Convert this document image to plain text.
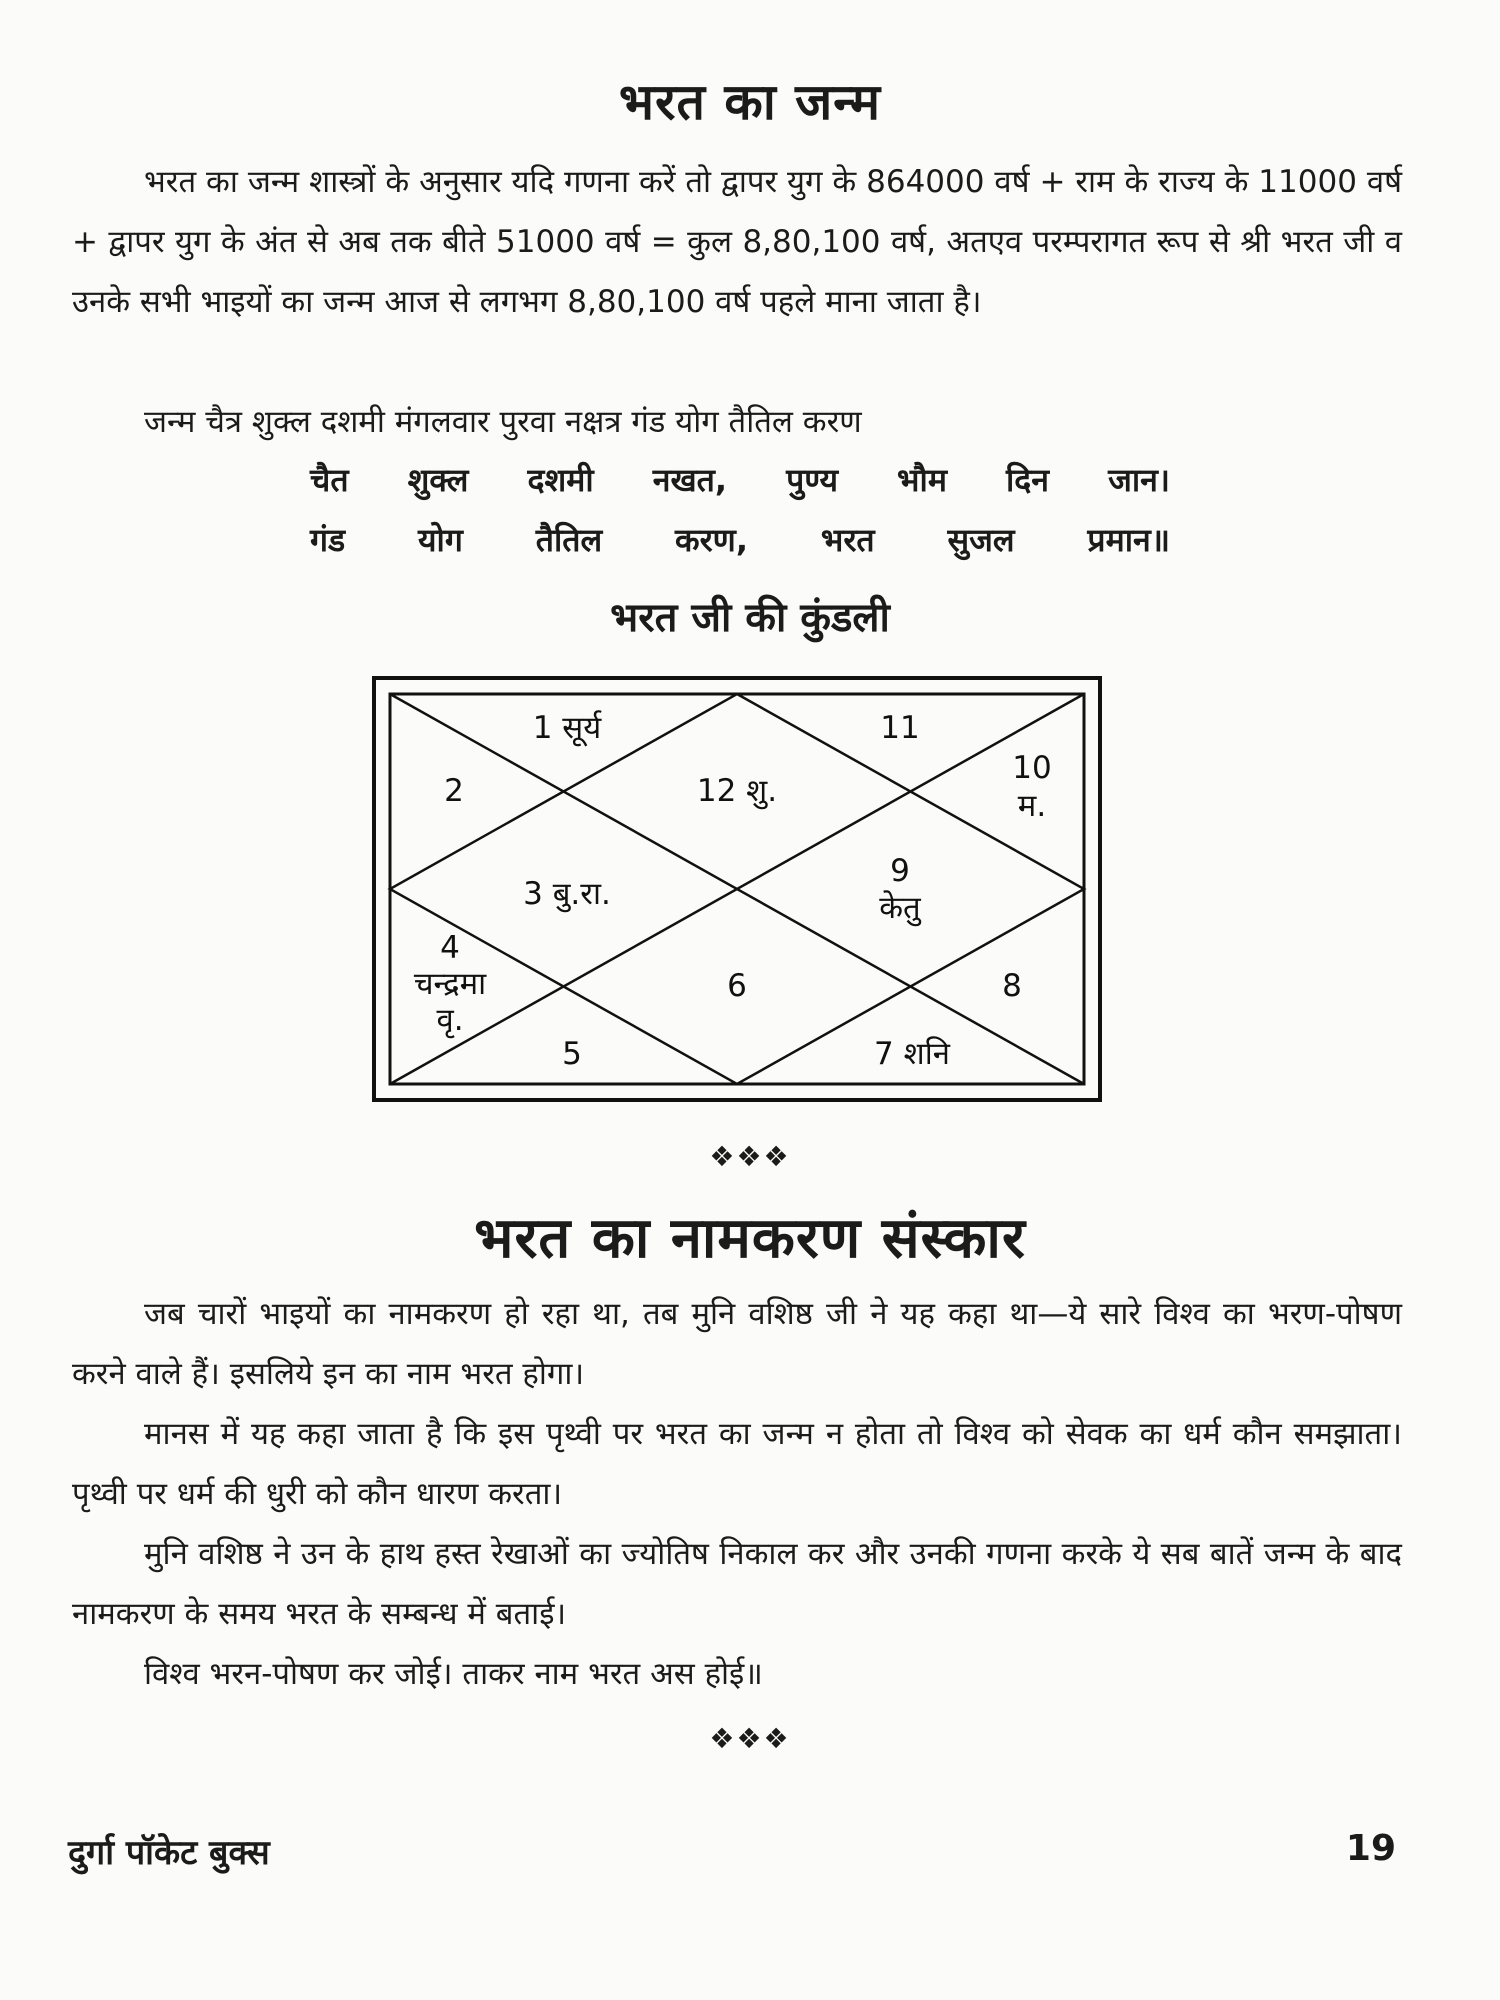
भरत का जन्म

भरत का जन्म शास्त्रों के अनुसार यदि गणना करें तो द्वापर युग के 864000 वर्ष + राम के राज्य के 11000 वर्ष + द्वापर युग के अंत से अब तक बीते 51000 वर्ष = कुल 8,80,100 वर्ष, अतएव परम्परागत रूप से श्री भरत जी व उनके सभी भाइयों का जन्म आज से लगभग 8,80,100 वर्ष पहले माना जाता है।

जन्म चैत्र शुक्ल दशमी मंगलवार पुरवा नक्षत्र गंड योग तैतिल करण

चैत शुक्ल दशमी नखत, पुण्य भौम दिन जान।

गंड योग तैतिल करण, भरत सुजल प्रमान॥

भरत जी की कुंडली
1 सूर्य
2	12 शु.
11
10
म.
3 बु.रा.
9
केतु
4
चन्द्रमा
वृ.
6	8
5	7 शनि
❖❖❖
भरत का नामकरण संस्कार

जब चारों भाइयों का नामकरण हो रहा था, तब मुनि वशिष्ठ जी ने यह कहा था—ये सारे विश्व का भरण-पोषण करने वाले हैं। इसलिये इन का नाम भरत होगा।

मानस में यह कहा जाता है कि इस पृथ्वी पर भरत का जन्म न होता तो विश्व को सेवक का धर्म कौन समझाता। पृथ्वी पर धर्म की धुरी को कौन धारण करता।

मुनि वशिष्ठ ने उन के हाथ हस्त रेखाओं का ज्योतिष निकाल कर और उनकी गणना करके ये सब बातें जन्म के बाद नामकरण के समय भरत के सम्बन्ध में बताई।

विश्व भरन-पोषण कर जोई। ताकर नाम भरत अस होई॥

❖❖❖
दुर्गा पॉकेट बुक्स	19
